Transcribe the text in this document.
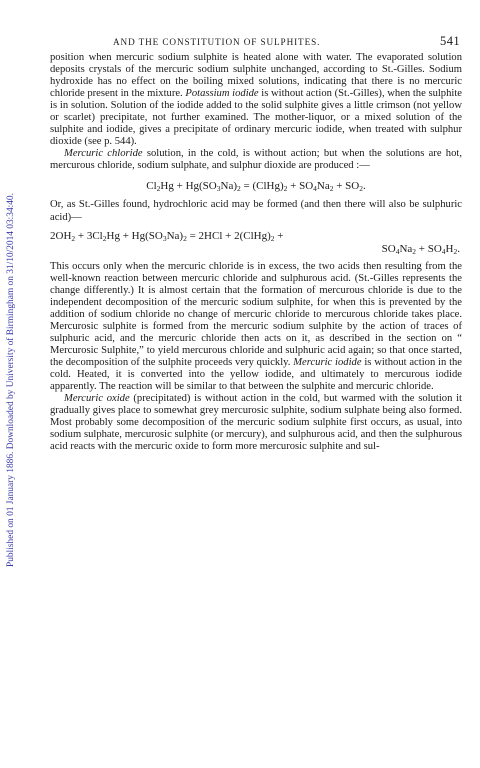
Published on 01 January 1886. Downloaded by University of Birmingham on 31/10/2014 03:34:40.
AND THE CONSTITUTION OF SULPHITES.	541

position when mercuric sodium sulphite is heated alone with water. The evaporated solution deposits crystals of the mercuric sodium sulphite unchanged, according to St.-Gilles. Sodium hydroxide has no effect on the boiling mixed solutions, indicating that there is no mercuric chloride present in the mixture. Potassium iodide is without action (St.-Gilles), when the sulphite is in solution. Solution of the iodide added to the solid sulphite gives a little crimson (not yellow or scarlet) precipitate, not further examined. The mother-liquor, or a mixed solution of the sulphite and iodide, gives a precipitate of ordinary mercuric iodide, when treated with sulphur dioxide (see p. 544).

Mercuric chloride solution, in the cold, is without action; but when the solutions are hot, mercurous chloride, sodium sulphate, and sulphur dioxide are produced :—

$Cl_2Hg + Hg(SO_3Na)_2$ = $(ClHg)_2 + SO_4Na_2 + SO_2$.

Or, as St.-Gilles found, hydrochloric acid may be formed (and then there will also be sulphuric acid)—

$2OH_2 + 3Cl_2Hg + Hg(SO_3Na)_2 = 2HCl$ + $2(ClHg)_2$ +
$SO_4Na_2 + SO_4H_2$.

This occurs only when the mercuric chloride is in excess, the two acids then resulting from the well-known reaction between mercuric chloride and sulphurous acid. (St.-Gilles represents the change differently.) It is almost certain that the formation of mercurous chloride is due to the independent decomposition of the mercuric sodium sulphite, for when this is prevented by the addition of sodium chloride no change of mercuric chloride to mercurous chloride takes place. Mercurosic sulphite is formed from the mercuric sodium sulphite by the action of traces of sulphuric acid, and the mercuric chloride then acts on it, as described in the section on “ Mercurosic Sulphite,” to yield mercurous chloride and sulphuric acid again; so that once started, the decomposition of the sulphite proceeds very quickly. Mercuric iodide is without action in the cold. Heated, it is converted into the yellow iodide, and ultimately to mercurous iodide apparently. The reaction will be similar to that between the sulphite and mercuric chloride.

Mercuric oxide (precipitated) is without action in the cold, but warmed with the solution it gradually gives place to somewhat grey mercurosic sulphite, sodium sulphate being also formed. Most probably some decomposition of the mercuric sodium sulphite first occurs, as usual, into sodium sulphate, mercurosic sulphite (or mercury), and sulphurous acid, and then the sulphurous acid reacts with the mercuric oxide to form more mercurosic sulphite and sul-
